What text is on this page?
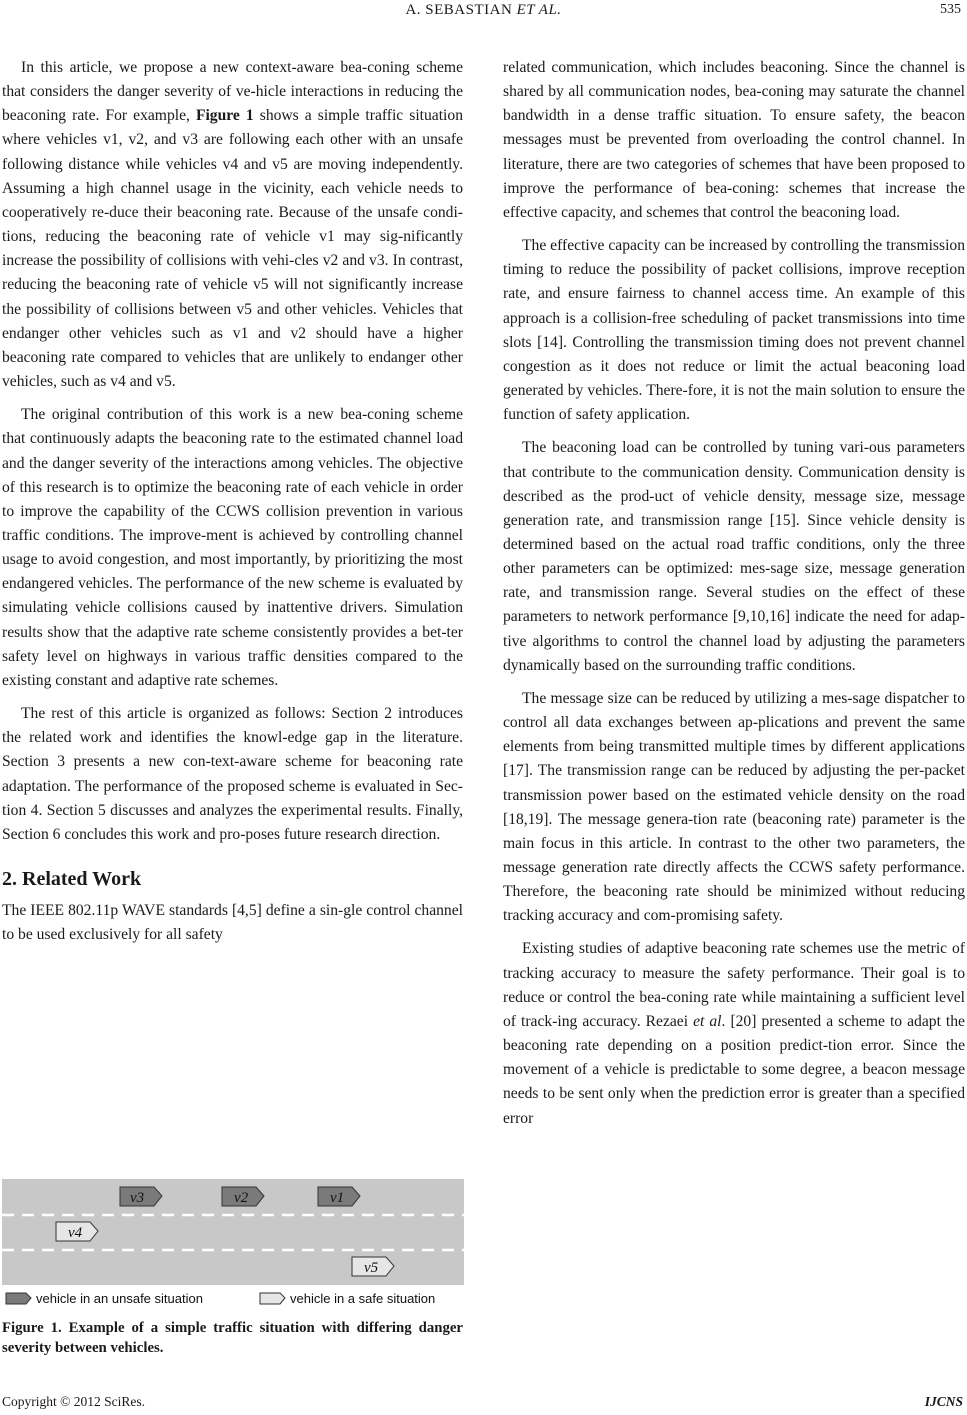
A. SEBASTIAN ET AL.	535

In this article, we propose a new context-aware bea-coning scheme that considers the danger severity of ve-hicle interactions in reducing the beaconing rate. For example, Figure 1 shows a simple traffic situation where vehicles v1, v2, and v3 are following each other with an unsafe following distance while vehicles v4 and v5 are moving independently. Assuming a high channel usage in the vicinity, each vehicle needs to cooperatively re-duce their beaconing rate. Because of the unsafe condi-tions, reducing the beaconing rate of vehicle v1 may sig-nificantly increase the possibility of collisions with vehi-cles v2 and v3. In contrast, reducing the beaconing rate of vehicle v5 will not significantly increase the possibility of collisions between v5 and other vehicles. Vehicles that endanger other vehicles such as v1 and v2 should have a higher beaconing rate compared to vehicles that are unlikely to endanger other vehicles, such as v4 and v5.

The original contribution of this work is a new bea-coning scheme that continuously adapts the beaconing rate to the estimated channel load and the danger severity of the interactions among vehicles. The objective of this research is to optimize the beaconing rate of each vehicle in order to improve the capability of the CCWS collision prevention in various traffic conditions. The improve-ment is achieved by controlling channel usage to avoid congestion, and most importantly, by prioritizing the most endangered vehicles. The performance of the new scheme is evaluated by simulating vehicle collisions caused by inattentive drivers. Simulation results show that the adaptive rate scheme consistently provides a bet-ter safety level on highways in various traffic densities compared to the existing constant and adaptive rate schemes.

The rest of this article is organized as follows: Section 2 introduces the related work and identifies the knowl-edge gap in the literature. Section 3 presents a new con-text-aware scheme for beaconing rate adaptation. The performance of the proposed scheme is evaluated in Sec-tion 4. Section 5 discusses and analyzes the experimental results. Finally, Section 6 concludes this work and pro-poses future research direction.

2. Related Work

The IEEE 802.11p WAVE standards [4,5] define a sin-gle control channel to be used exclusively for all safety

related communication, which includes beaconing. Since the channel is shared by all communication nodes, bea-coning may saturate the channel bandwidth in a dense traffic situation. To ensure safety, the beacon messages must be prevented from overloading the control channel. In literature, there are two categories of schemes that have been proposed to improve the performance of bea-coning: schemes that increase the effective capacity, and schemes that control the beaconing load.

The effective capacity can be increased by controlling the transmission timing to reduce the possibility of packet collisions, improve reception rate, and ensure fairness to channel access time. An example of this approach is a collision-free scheduling of packet transmissions into time slots [14]. Controlling the transmission timing does not prevent channel congestion as it does not reduce or limit the actual beaconing load generated by vehicles. There-fore, it is not the main solution to ensure the function of safety application.

The beaconing load can be controlled by tuning vari-ous parameters that contribute to the communication density. Communication density is described as the prod-uct of vehicle density, message size, message generation rate, and transmission range [15]. Since vehicle density is determined based on the actual road traffic conditions, only the three other parameters can be optimized: mes-sage size, message generation rate, and transmission range. Several studies on the effect of these parameters to network performance [9,10,16] indicate the need for adap-tive algorithms to control the channel load by adjusting the parameters dynamically based on the surrounding traffic conditions.

The message size can be reduced by utilizing a mes-sage dispatcher to control all data exchanges between ap-plications and prevent the same elements from being transmitted multiple times by different applications [17]. The transmission range can be reduced by adjusting the per-packet transmission power based on the estimated vehicle density on the road [18,19]. The message genera-tion rate (beaconing rate) parameter is the main focus in this article. In contrast to the other two parameters, the message generation rate directly affects the CCWS safety performance. Therefore, the beaconing rate should be minimized without reducing tracking accuracy and com-promising safety.

Existing studies of adaptive beaconing rate schemes use the metric of tracking accuracy to measure the safety performance. Their goal is to reduce or control the bea-coning rate while maintaining a sufficient level of track-ing accuracy. Rezaei et al. [20] presented a scheme to adapt the beaconing rate depending on a position predict-tion error. Since the movement of a vehicle is predictable to some degree, a beacon message needs to be sent only when the prediction error is greater than a specified error

v3	v2	v1
v4
v5
vehicle in an unsafe situation	vehicle in a safe situation
Figure 1. Example of a simple traffic situation with differing danger severity between vehicles.
Copyright © 2012 SciRes.	IJCNS
